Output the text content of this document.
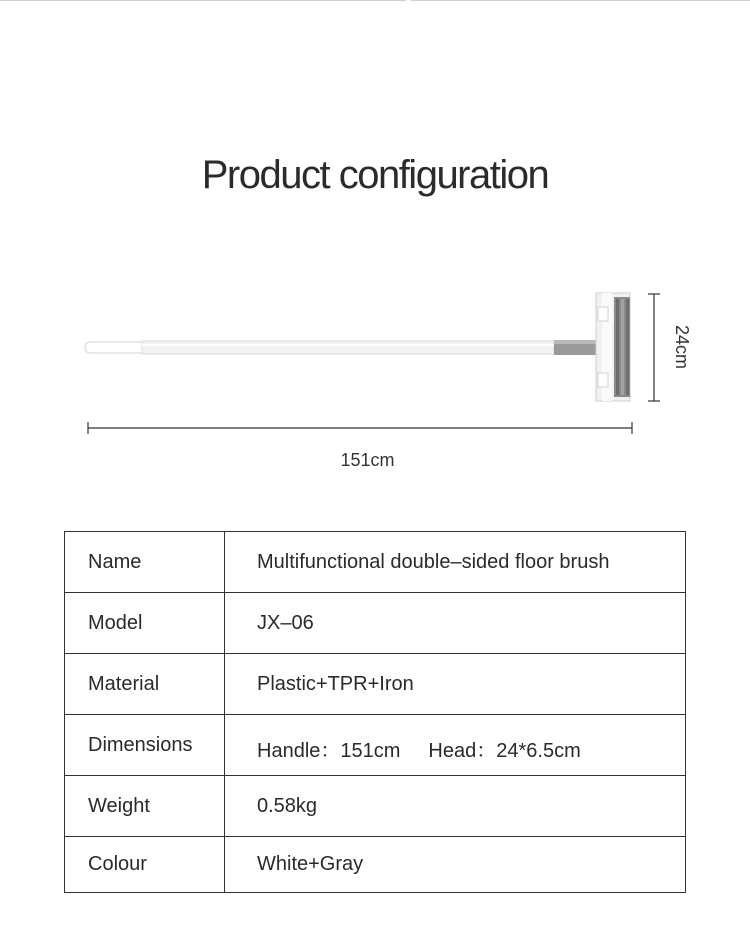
Product configuration
24cm
151cm
Name	Multifunctional double–sided floor brush

Model	JX–06

Material	Plastic+TPR+Iron

Dimensions	Handle：151cm Head：24*6.5cm

Weight	0.58kg

Colour	White+Gray
